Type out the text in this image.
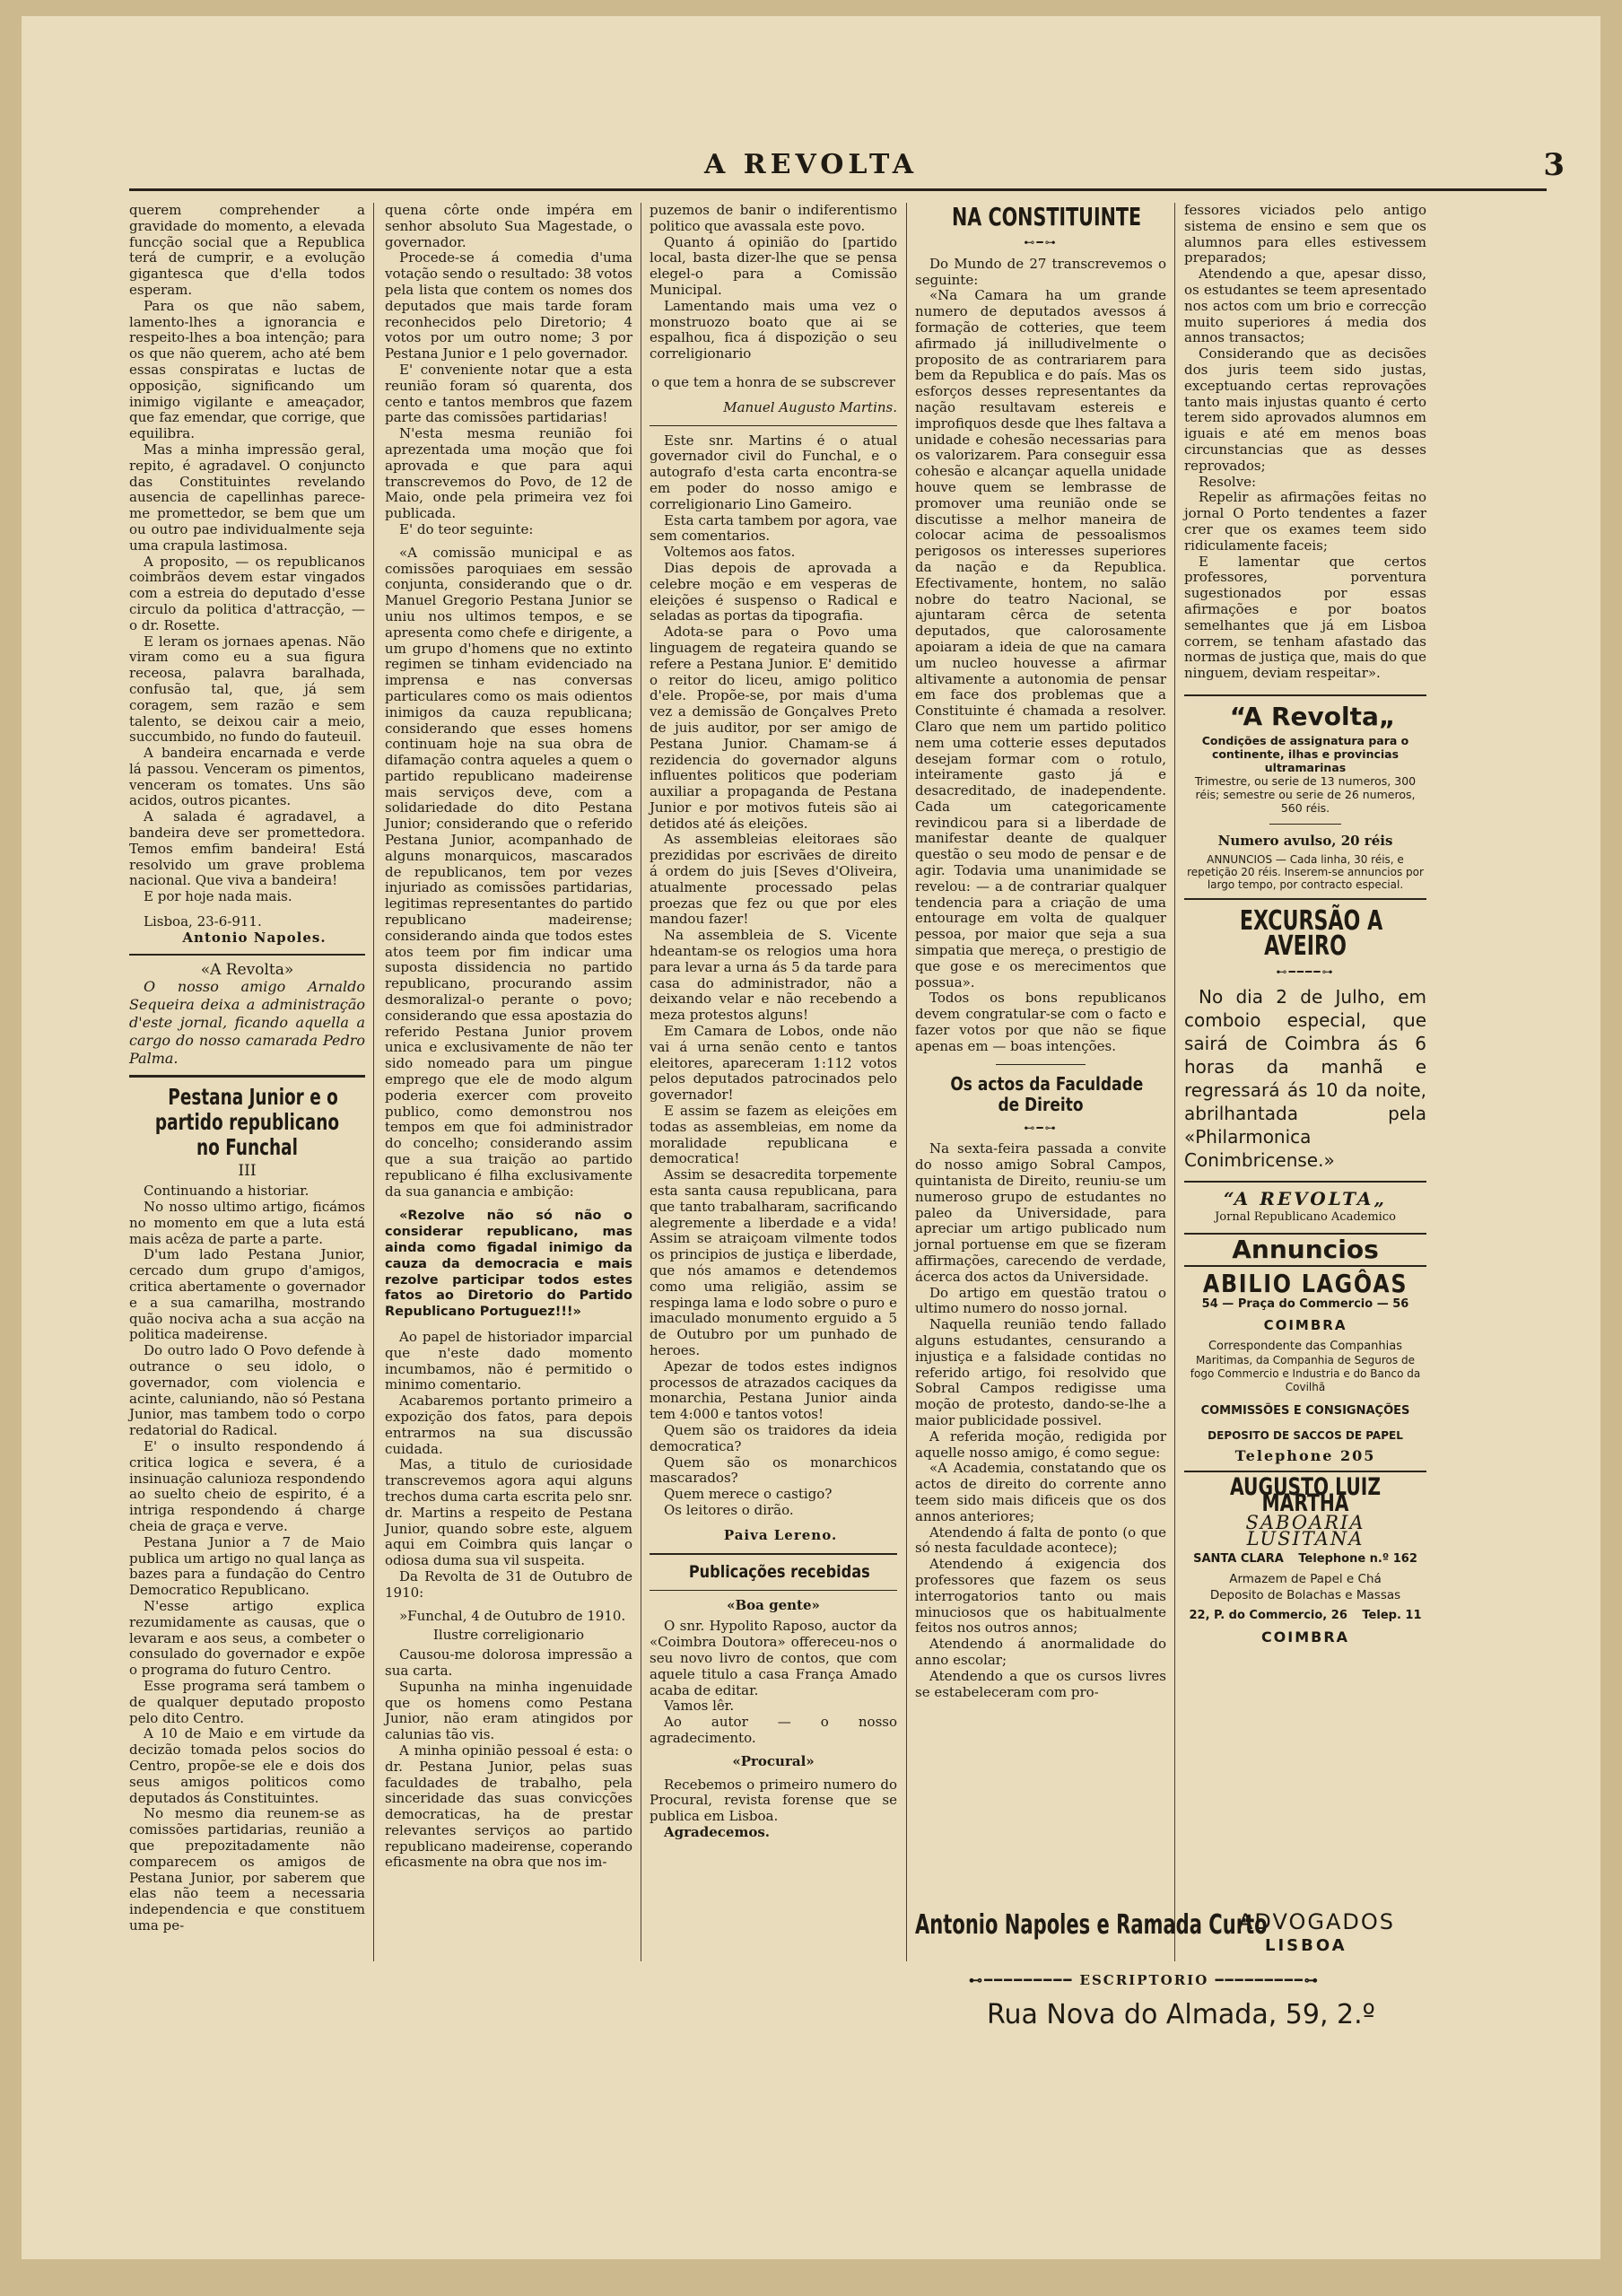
A REVOLTA	3

querem comprehender a gravidade do momento, a elevada funcção social que a Republica terá de cumprir, e a evolução gigantesca que d'ella todos esperam.

Para os que não sabem, lamento-lhes a ignorancia e respeito-lhes a boa intenção; para os que não querem, acho até bem essas conspiratas e luctas de opposição, significando um inimigo vigilante e ameaçador, que faz emendar, que corrige, que equilibra.

Mas a minha impressão geral, repito, é agradavel. O conjuncto das Constituintes revelando ausencia de capellinhas parece-me promettedor, se bem que um ou outro pae individualmente seja uma crapula lastimosa.

A proposito, — os republicanos coimbrãos devem estar vingados com a estreia do deputado d'esse circulo da politica d'attracção, — o dr. Rosette.

E leram os jornaes apenas. Não viram como eu a sua figura receosa, palavra baralhada, confusão tal, que, já sem coragem, sem razão e sem talento, se deixou cair a meio, succumbido, no fundo do fauteuil.

A bandeira encarnada e verde lá passou. Venceram os pimentos, venceram os tomates. Uns são acidos, outros picantes.

A salada é agradavel, a bandeira deve ser promettedora. Temos emfim bandeira! Está resolvido um grave problema nacional. Que viva a bandeira!

E por hoje nada mais.

Lisboa, 23-6-911.

Antonio Napoles.

«A Revolta»

O nosso amigo Arnaldo Sequeira deixa a administração d'este jornal, ficando aquella a cargo do nosso camarada Pedro Palma.

Pestana Junior e o partido republicano no Funchal

III

Continuando a historiar.

No nosso ultimo artigo, ficámos no momento em que a luta está mais acêza de parte a parte.

D'um lado Pestana Junior, cercado dum grupo d'amigos, critica abertamente o governador e a sua camarilha, mostrando quão nociva acha a sua acção na politica madeirense.

Do outro lado O Povo defende à outrance o seu idolo, o governador, com violencia e acinte, caluniando, não só Pestana Junior, mas tambem todo o corpo redatorial do Radical.

E' o insulto respondendo á critica logica e severa, é a insinuação calunioza respondendo ao suelto cheio de espirito, é a intriga respondendo á charge cheia de graça e verve.

Pestana Junior a 7 de Maio publica um artigo no qual lança as bazes para a fundação do Centro Democratico Republicano.

N'esse artigo explica rezumidamente as causas, que o levaram e aos seus, a combeter o consulado do governador e expõe o programa do futuro Centro.

Esse programa será tambem o de qualquer deputado proposto pelo dito Centro.

A 10 de Maio e em virtude da decizão tomada pelos socios do Centro, propõe-se ele e dois dos seus amigos politicos como deputados ás Constituintes.

No mesmo dia reunem-se as comissões partidarias, reunião a que prepozitadamente não comparecem os amigos de Pestana Junior, por saberem que elas não teem a necessaria independencia e que constituem uma pe-

quena côrte onde impéra em senhor absoluto Sua Magestade, o governador.

Procede-se á comedia d'uma votação sendo o resultado: 38 votos pela lista que contem os nomes dos deputados que mais tarde foram reconhecidos pelo Diretorio; 4 votos por um outro nome; 3 por Pestana Junior e 1 pelo governador.

E' conveniente notar que a esta reunião foram só quarenta, dos cento e tantos membros que fazem parte das comissões partidarias!

N'esta mesma reunião foi aprezentada uma moção que foi aprovada e que para aqui transcrevemos do Povo, de 12 de Maio, onde pela primeira vez foi publicada.

E' do teor seguinte:

«A comissão municipal e as comissões paroquiaes em sessão conjunta, considerando que o dr. Manuel Gregorio Pestana Junior se uniu nos ultimos tempos, e se apresenta como chefe e dirigente, a um grupo d'homens que no extinto regimen se tinham evidenciado na imprensa e nas conversas particulares como os mais odientos inimigos da cauza republicana; considerando que esses homens continuam hoje na sua obra de difamação contra aqueles a quem o partido republicano madeirense mais serviços deve, com a solidariedade do dito Pestana Junior; considerando que o referido Pestana Junior, acompanhado de alguns monarquicos, mascarados de republicanos, tem por vezes injuriado as comissões partidarias, legitimas representantes do partido republicano madeirense; considerando ainda que todos estes atos teem por fim indicar uma suposta dissidencia no partido republicano, procurando assim desmoralizal-o perante o povo; considerando que essa apostazia do referido Pestana Junior provem unica e exclusivamente de não ter sido nomeado para um pingue emprego que ele de modo algum poderia exercer com proveito publico, como demonstrou nos tempos em que foi administrador do concelho; considerando assim que a sua traição ao partido republicano é filha exclusivamente da sua ganancia e ambição:

«Rezolve não só não o considerar republicano, mas ainda como figadal inimigo da cauza da democracia e mais rezolve participar todos estes fatos ao Diretorio do Partido Republicano Portuguez!!!»

Ao papel de historiador imparcial que n'este dado momento incumbamos, não é permitido o minimo comentario.

Acabaremos portanto primeiro a expozição dos fatos, para depois entrarmos na sua discussão cuidada.

Mas, a titulo de curiosidade transcrevemos agora aqui alguns trechos duma carta escrita pelo snr. dr. Martins a respeito de Pestana Junior, quando sobre este, alguem aqui em Coimbra quis lançar o odiosa duma sua vil suspeita.

Da Revolta de 31 de Outubro de 1910:

»Funchal, 4 de Outubro de 1910.

Ilustre correligionario

Causou-me dolorosa impressão a sua carta.

Supunha na minha ingenuidade que os homens como Pestana Junior, não eram atingidos por calunias tão vis.

A minha opinião pessoal é esta: o dr. Pestana Junior, pelas suas faculdades de trabalho, pela sinceridade das suas convicções democraticas, ha de prestar relevantes serviços ao partido republicano madeirense, coperando eficasmente na obra que nos im-

puzemos de banir o indiferentismo politico que avassala este povo.

Quanto á opinião do [partido local, basta dizer-lhe que se pensa elegel-o para a Comissão Municipal.

Lamentando mais uma vez o monstruozo boato que ai se espalhou, fica á dispozição o seu correligionario

o que tem a honra de se subscrever

Manuel Augusto Martins.

Este snr. Martins é o atual governador civil do Funchal, e o autografo d'esta carta encontra-se em poder do nosso amigo e correligionario Lino Gameiro.

Esta carta tambem por agora, vae sem comentarios.

Voltemos aos fatos.

Dias depois de aprovada a celebre moção e em vesperas de eleições é suspenso o Radical e seladas as portas da tipografia.

Adota-se para o Povo uma linguagem de regateira quando se refere a Pestana Junior. E' demitido o reitor do liceu, amigo politico d'ele. Propõe-se, por mais d'uma vez a demissão de Gonçalves Preto de juis auditor, por ser amigo de Pestana Junior. Chamam-se á rezidencia do governador alguns influentes politicos que poderiam auxiliar a propaganda de Pestana Junior e por motivos futeis são ai detidos até ás eleições.

As assembleias eleitoraes são prezididas por escrivães de direito á ordem do juis [Seves d'Oliveira, atualmente processado pelas proezas que fez ou que por eles mandou fazer!

Na assembleia de S. Vicente hdeantam-se os relogios uma hora para levar a urna ás 5 da tarde para casa do administrador, não a deixando velar e não recebendo a meza protestos alguns!

Em Camara de Lobos, onde não vai á urna senão cento e tantos eleitores, apareceram 1:112 votos pelos deputados patrocinados pelo governador!

E assim se fazem as eleições em todas as assembleias, em nome da moralidade republicana e democratica!

Assim se desacredita torpemente esta santa causa republicana, para que tanto trabalharam, sacrificando alegremente a liberdade e a vida! Assim se atraiçoam vilmente todos os principios de justiça e liberdade, que nós amamos e detendemos como uma religião, assim se respinga lama e lodo sobre o puro e imaculado monumento erguido a 5 de Outubro por um punhado de heroes.

Apezar de todos estes indignos processos de atrazados caciques da monarchia, Pestana Junior ainda tem 4:000 e tantos votos!

Quem são os traidores da ideia democratica?

Quem são os monarchicos mascarados?

Quem merece o castigo?

Os leitores o dirão.

Paiva Lereno.

Publicações recebidas

«Boa gente»

O snr. Hypolito Raposo, auctor da «Coimbra Doutora» offereceu-nos o seu novo livro de contos, que com aquele titulo a casa França Amado acaba de editar.

Vamos lêr.

Ao autor — o nosso agradecimento.

«Procural»

Recebemos o primeiro numero do Procural, revista forense que se publica em Lisboa.

Agradecemos.

NA CONSTITUINTE

⊷━⊶

Do Mundo de 27 transcrevemos o seguinte:

«Na Camara ha um grande numero de deputados avessos á formação de cotteries, que teem afirmado já inilludivelmente o proposito de as contrariarem para bem da Republica e do país. Mas os esforços desses representantes da nação resultavam estereis e improfiquos desde que lhes faltava a unidade e cohesão necessarias para os valorizarem. Para conseguir essa cohesão e alcançar aquella unidade houve quem se lembrasse de promover uma reunião onde se discutisse a melhor maneira de colocar acima de pessoalismos perigosos os interesses superiores da nação e da Republica. Efectivamente, hontem, no salão nobre do teatro Nacional, se ajuntaram cêrca de setenta deputados, que calorosamente apoiaram a ideia de que na camara um nucleo houvesse a afirmar altivamente a autonomia de pensar em face dos problemas que a Constituinte é chamada a resolver. Claro que nem um partido politico nem uma cotterie esses deputados desejam formar com o rotulo, inteiramente gasto já e desacreditado, de inadependente. Cada um categoricamente revindicou para si a liberdade de manifestar deante de qualquer questão o seu modo de pensar e de agir. Todavia uma unanimidade se revelou: — a de contrariar qualquer tendencia para a criação de uma entourage em volta de qualquer pessoa, por maior que seja a sua simpatia que mereça, o prestigio de que gose e os merecimentos que possua».

Todos os bons republicanos devem congratular-se com o facto e fazer votos por que não se fique apenas em — boas intenções.

Os actos da Faculdade de Direito

⊷━⊶

Na sexta-feira passada a convite do nosso amigo Sobral Campos, quintanista de Direito, reuniu-se um numeroso grupo de estudantes no paleo da Universidade, para apreciar um artigo publicado num jornal portuense em que se fizeram affirmações, carecendo de verdade, ácerca dos actos da Universidade.

Do artigo em questão tratou o ultimo numero do nosso jornal.

Naquella reunião tendo fallado alguns estudantes, censurando a injustiça e a falsidade contidas no referido artigo, foi resolvido que Sobral Campos redigisse uma moção de protesto, dando-se-lhe a maior publicidade possivel.

A referida moção, redigida por aquelle nosso amigo, é como segue:

«A Academia, constatando que os actos de direito do corrente anno teem sido mais dificeis que os dos annos anteriores;

Atendendo á falta de ponto (o que só nesta faculdade acontece);

Atendendo á exigencia dos professores que fazem os seus interrogatorios tanto ou mais minuciosos que os habitualmente feitos nos outros annos;

Atendendo á anormalidade do anno escolar;

Atendendo a que os cursos livres se estabeleceram com pro-

fessores viciados pelo antigo sistema de ensino e sem que os alumnos para elles estivessem preparados;

Atendendo a que, apesar disso, os estudantes se teem apresentado nos actos com um brio e correcção muito superiores á media dos annos transactos;

Considerando que as decisões dos juris teem sido justas, exceptuando certas reprovações tanto mais injustas quanto é certo terem sido aprovados alumnos em iguais e até em menos boas circunstancias que as desses reprovados;

Resolve:

Repelir as afirmações feitas no jornal O Porto tendentes a fazer crer que os exames teem sido ridiculamente faceis;

E lamentar que certos professores, porventura sugestionados por essas afirmações e por boatos semelhantes que já em Lisboa correm, se tenham afastado das normas de justiça que, mais do que ninguem, deviam respeitar».

“A Revolta„

Condições de assignatura para o continente, ilhas e provincias ultramarinas

Trimestre, ou serie de 13 numeros, 300 réis; semestre ou serie de 26 numeros, 560 réis.

Numero avulso, 20 réis

ANNUNCIOS — Cada linha, 30 réis, e repetição 20 réis. Inserem-se annuncios por largo tempo, por contracto especial.

EXCURSÃO A AVEIRO

⊷━━━━⊶

No dia 2 de Julho, em comboio especial, que sairá de Coimbra ás 6 horas da manhã e regressará ás 10 da noite, abrilhantada pela «Philarmonica Conimbricense.»

“A REVOLTA„

Jornal Republicano Academico

Annuncios

ABILIO LAGÔAS

54 — Praça do Commercio — 56

COIMBRA

Correspondente das Companhias

Maritimas, da Companhia de Seguros de fogo Commercio e Industria e do Banco da Covilhã

COMMISSÕES E CONSIGNAÇÕES

DEPOSITO DE SACCOS DE PAPEL

Telephone 205

AUGUSTO LUIZ MARTHA

SABOARIA LUSITANA

SANTA CLARA Telephone n.º 162

Armazem de Papel e Chá

Deposito de Bolachas e Massas

22, P. do Commercio, 26 Telep. 11

COIMBRA

Antonio Napoles e Ramada Curto
ADVOGADOS
LISBOA
⊷━━━━━━━━━ ESCRIPTORIO ━━━━━━━━━⊶
Rua Nova do Almada, 59, 2.º
